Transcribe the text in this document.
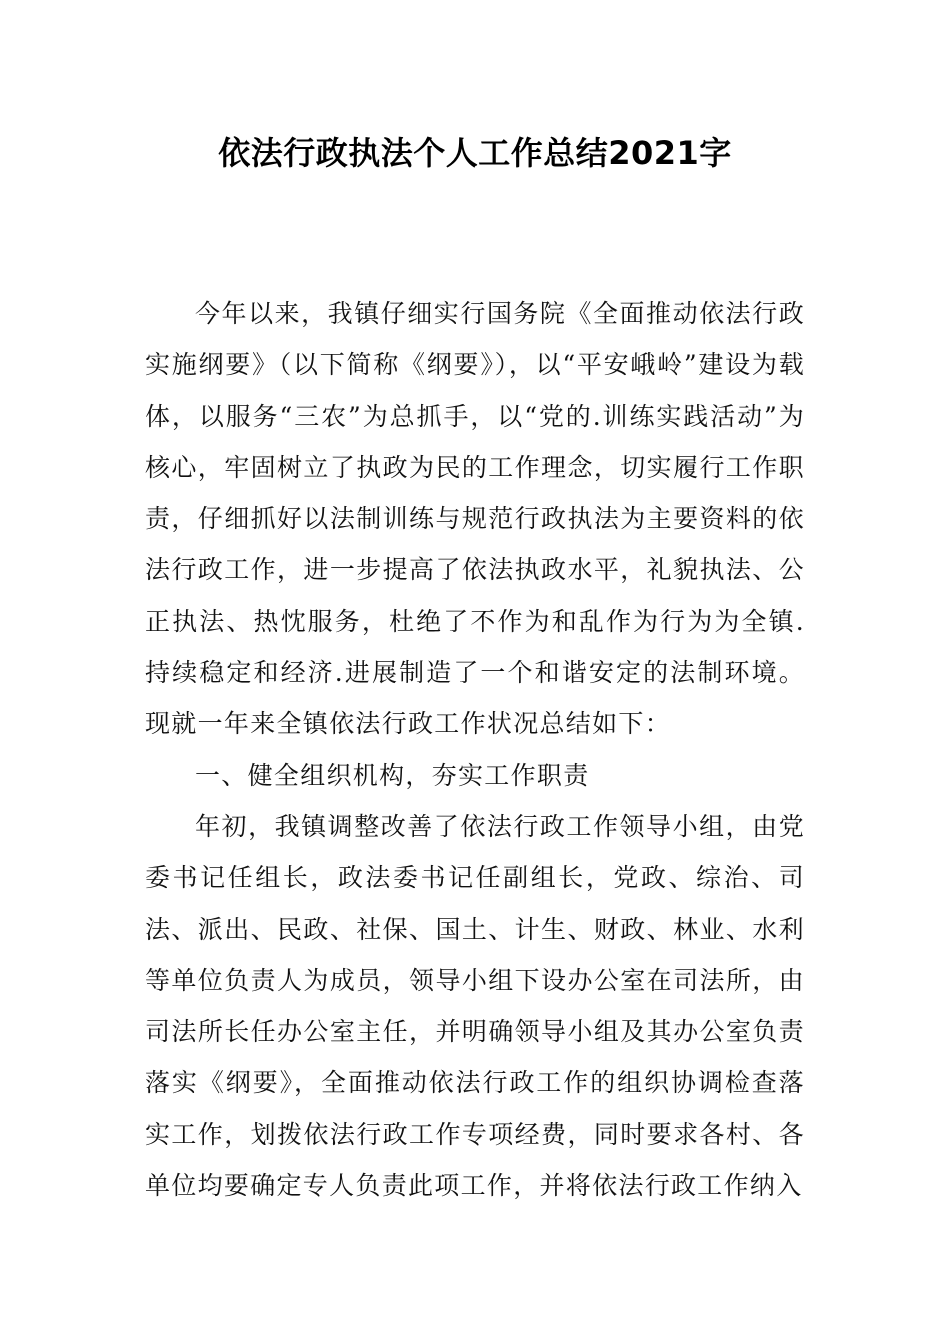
依法行政执法个人工作总结2021字

今年以来，我镇仔细实行国务院《全面推动依法行政实施纲要》（以下简称《纲要》），以“平安峨岭”建设为载体，以服务“三农”为总抓手，以“党的.训练实践活动”为核心，牢固树立了执政为民的工作理念，切实履行工作职责，仔细抓好以法制训练与规范行政执法为主要资料的依法行政工作，进一步提高了依法执政水平，礼貌执法、公正执法、热忱服务，杜绝了不作为和乱作为行为为全镇.持续稳定和经济.进展制造了一个和谐安定的法制环境。现就一年来全镇依法行政工作状况总结如下：

一、健全组织机构，夯实工作职责

年初，我镇调整改善了依法行政工作领导小组，由党委书记任组长，政法委书记任副组长，党政、综治、司法、派出、民政、社保、国土、计生、财政、林业、水利等单位负责人为成员，领导小组下设办公室在司法所，由司法所长任办公室主任，并明确领导小组及其办公室负责落实《纲要》，全面推动依法行政工作的组织协调检查落实工作，划拨依法行政工作专项经费，同时要求各村、各单位均要确定专人负责此项工作，并将依法行政工作纳入
